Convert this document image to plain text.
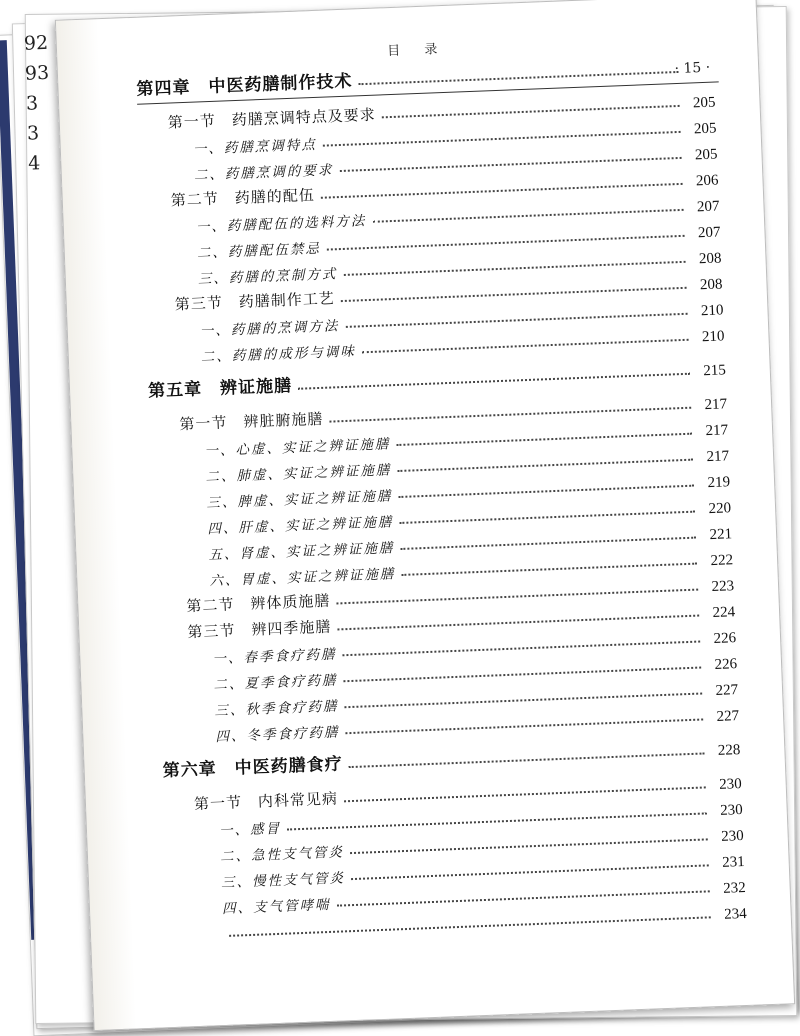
92
93
3
3
4
目 录
· 15 ·
第四章　中医药膳制作技术
第一节　药膳烹调特点及要求
205
一、药膳烹调特点
205
二、药膳烹调的要求
205
第二节　药膳的配伍
206
一、药膳配伍的选料方法
207
二、药膳配伍禁忌
207
三、药膳的烹制方式
208
第三节　药膳制作工艺
208
一、药膳的烹调方法
210
二、药膳的成形与调味
210
第五章　辨证施膳
215
第一节　辨脏腑施膳
217
一、心虚、实证之辨证施膳
217
二、肺虚、实证之辨证施膳
217
三、脾虚、实证之辨证施膳
219
四、肝虚、实证之辨证施膳
220
五、肾虚、实证之辨证施膳
221
六、胃虚、实证之辨证施膳
222
第二节　辨体质施膳
223
第三节　辨四季施膳
224
一、春季食疗药膳
226
二、夏季食疗药膳
226
三、秋季食疗药膳
227
四、冬季食疗药膳
227
第六章　中医药膳食疗
228
第一节　内科常见病
230
一、感冒
230
二、急性支气管炎
230
三、慢性支气管炎
231
四、支气管哮喘
232
234
